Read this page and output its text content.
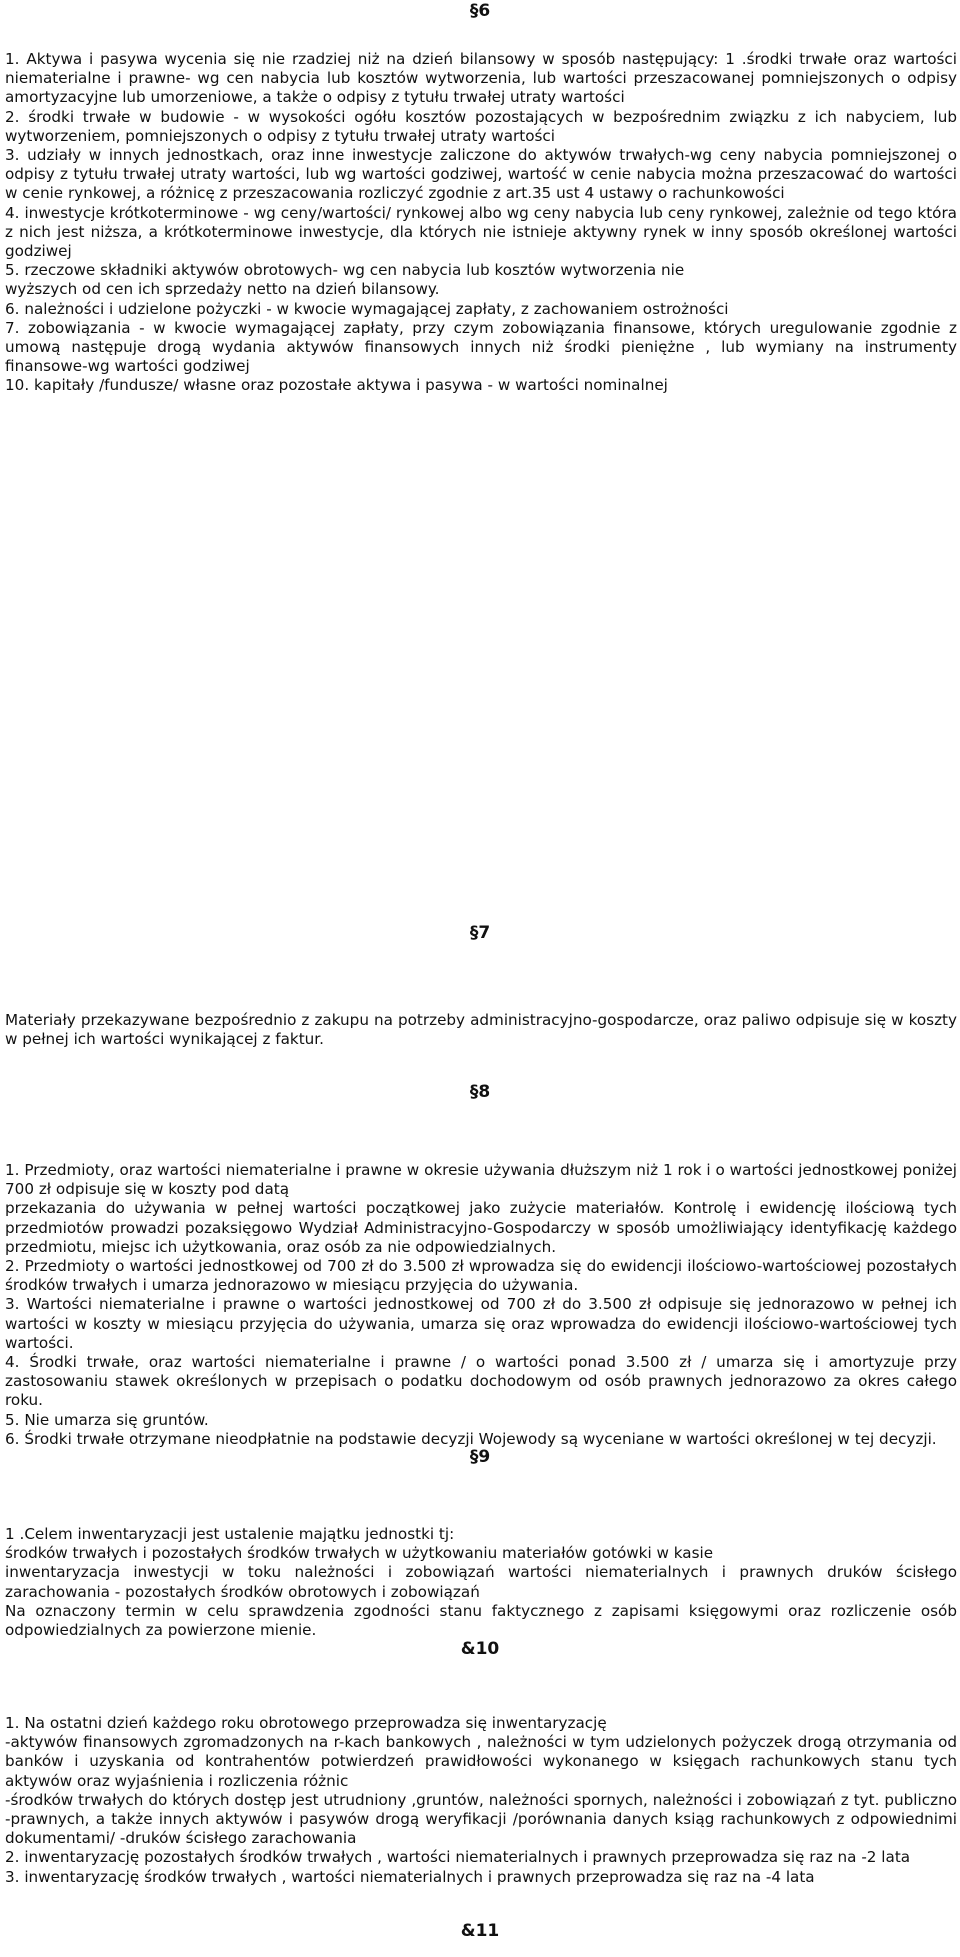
§6

1. Aktywa i pasywa wycenia się nie rzadziej niż na dzień bilansowy w sposób następujący: 1 .środki trwałe oraz wartości niematerialne i prawne- wg cen nabycia lub kosztów wytworzenia, lub wartości przeszacowanej pomniejszonych o odpisy amortyzacyjne lub umorzeniowe, a także o odpisy z tytułu trwałej utraty wartości

2. środki trwałe w budowie - w wysokości ogółu kosztów pozostających w bezpośrednim związku z ich nabyciem, lub wytworzeniem, pomniejszonych o odpisy z tytułu trwałej utraty wartości

3. udziały w innych jednostkach, oraz inne inwestycje zaliczone do aktywów trwałych-wg ceny nabycia pomniejszonej o odpisy z tytułu trwałej utraty wartości, lub wg wartości godziwej, wartość w cenie nabycia można przeszacować do wartości w cenie rynkowej, a różnicę z przeszacowania rozliczyć zgodnie z art.35 ust 4 ustawy o rachunkowości

4. inwestycje krótkoterminowe - wg ceny/wartości/ rynkowej albo wg ceny nabycia lub ceny rynkowej, zależnie od tego która z nich jest niższa, a krótkoterminowe inwestycje, dla których nie istnieje aktywny rynek w inny sposób określonej wartości godziwej

5. rzeczowe składniki aktywów obrotowych- wg cen nabycia lub kosztów wytworzenia nie

wyższych od cen ich sprzedaży netto na dzień bilansowy.

6. należności i udzielone pożyczki - w kwocie wymagającej zapłaty, z zachowaniem ostrożności

7. zobowiązania - w kwocie wymagającej zapłaty, przy czym zobowiązania finansowe, których uregulowanie zgodnie z umową następuje drogą wydania aktywów finansowych innych niż środki pieniężne , lub wymiany na instrumenty finansowe-wg wartości godziwej

10. kapitały /fundusze/ własne oraz pozostałe aktywa i pasywa - w wartości nominalnej

§7

Materiały przekazywane bezpośrednio z zakupu na potrzeby administracyjno-gospodarcze, oraz paliwo odpisuje się w koszty w pełnej ich wartości wynikającej z faktur.

§8

1. Przedmioty, oraz wartości niematerialne i prawne w okresie używania dłuższym niż 1 rok i o wartości jednostkowej poniżej 700 zł odpisuje się w koszty pod datą

przekazania do używania w pełnej wartości początkowej jako zużycie materiałów. Kontrolę i ewidencję ilościową tych przedmiotów prowadzi pozaksięgowo Wydział Administracyjno-Gospodarczy w sposób umożliwiający identyfikację każdego przedmiotu, miejsc ich użytkowania, oraz osób za nie odpowiedzialnych.

2. Przedmioty o wartości jednostkowej od 700 zł do 3.500 zł wprowadza się do ewidencji ilościowo-wartościowej pozostałych środków trwałych i umarza jednorazowo w miesiącu przyjęcia do używania.

3. Wartości niematerialne i prawne o wartości jednostkowej od 700 zł do 3.500 zł odpisuje się jednorazowo w pełnej ich wartości w koszty w miesiącu przyjęcia do używania, umarza się oraz wprowadza do ewidencji ilościowo-wartościowej tych wartości.

4. Środki trwałe, oraz wartości niematerialne i prawne / o wartości ponad 3.500 zł / umarza się i amortyzuje przy zastosowaniu stawek określonych w przepisach o podatku dochodowym od osób prawnych jednorazowo za okres całego roku.

5. Nie umarza się gruntów.

6. Środki trwałe otrzymane nieodpłatnie na podstawie decyzji Wojewody są wyceniane w wartości określonej w tej decyzji.

§9

1 .Celem inwentaryzacji jest ustalenie majątku jednostki tj:

środków trwałych i pozostałych środków trwałych w użytkowaniu materiałów gotówki w kasie

inwentaryzacja inwestycji w toku należności i zobowiązań wartości niematerialnych i prawnych druków ścisłego zarachowania - pozostałych środków obrotowych i zobowiązań

Na oznaczony termin w celu sprawdzenia zgodności stanu faktycznego z zapisami księgowymi oraz rozliczenie osób odpowiedzialnych za powierzone mienie.

&10

1. Na ostatni dzień każdego roku obrotowego przeprowadza się inwentaryzację

-aktywów finansowych zgromadzonych na r-kach bankowych , należności w tym udzielonych pożyczek drogą otrzymania od banków i uzyskania od kontrahentów potwierdzeń prawidłowości wykonanego w księgach rachunkowych stanu tych aktywów oraz wyjaśnienia i rozliczenia różnic

-środków trwałych do których dostęp jest utrudniony ,gruntów, należności spornych, należności i zobowiązań z tyt. publiczno -prawnych, a także innych aktywów i pasywów drogą weryfikacji /porównania danych ksiąg rachunkowych z odpowiednimi dokumentami/ -druków ścisłego zarachowania

2. inwentaryzację pozostałych środków trwałych , wartości niematerialnych i prawnych przeprowadza się raz na -2 lata

3. inwentaryzację środków trwałych , wartości niematerialnych i prawnych przeprowadza się raz na -4 lata

&11
